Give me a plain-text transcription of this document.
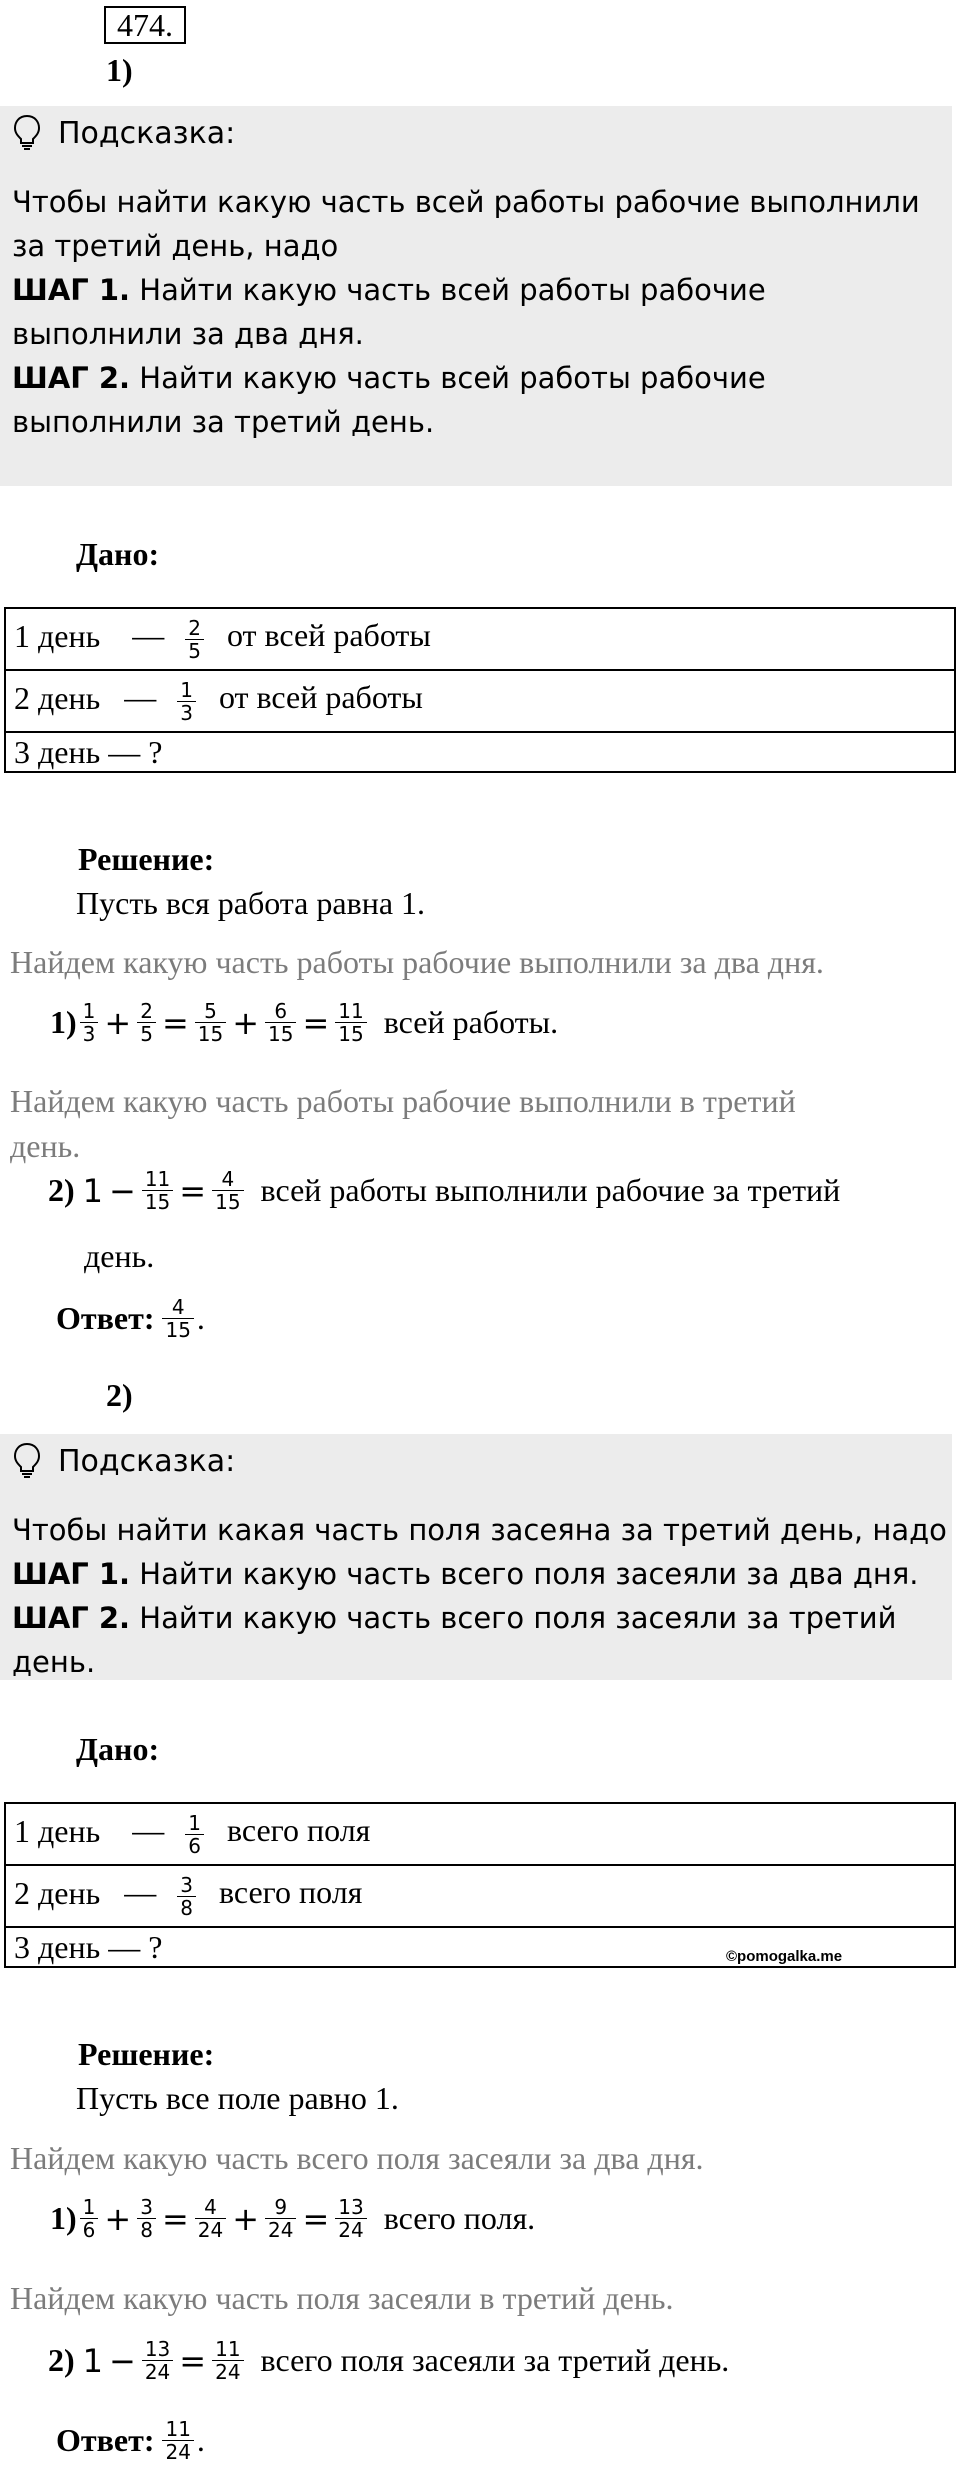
474.
1)
Подсказка:
Чтобы найти какую часть всей работы рабочие выполнили за третий день, надо
ШАГ 1. Найти какую часть всей работы рабочие выполнили за два дня.
ШАГ 2. Найти какую часть всей работы рабочие выполнили за третий день.
Дано:
1 день — $\frac{2}{5}$ от всей работы
2 день — $\frac{1}{3}$ от всей работы
3 день — ?
Решение:
Пусть вся работа равна 1.
Найдем какую часть работы рабочие выполнили за два дня.
$1) \frac{1}{3} + \frac{2}{5} = \frac{5}{15} + \frac{6}{15} = \frac{11}{15}$ всей работы.
Найдем какую часть работы рабочие выполнили в третий
день.
2) $1 - \frac{11}{15} = \frac{4}{15}$ всей работы выполнили рабочие за третий
день.
Ответ: $\frac{4}{15}$ .
2)
Подсказка:
Чтобы найти какая часть поля засеяна за третий день, надо
ШАГ 1. Найти какую часть всего поля засеяли за два дня.
ШАГ 2. Найти какую часть всего поля засеяли за третий день.
Дано:
1 день — $\frac{1}{6}$ всего поля
2 день — $\frac{3}{8}$ всего поля
3 день — ?	©pomogalka.me
Решение:
Пусть все поле равно 1.
Найдем какую часть всего поля засеяли за два дня.
$1) \frac{1}{6} + \frac{3}{8} = \frac{4}{24} + \frac{9}{24} = \frac{13}{24}$ всего поля.
Найдем какую часть поля засеяли в третий день.
2) $1 - \frac{13}{24} = \frac{11}{24}$ всего поля засеяли за третий день.
Ответ: $\frac{11}{24}$ .
